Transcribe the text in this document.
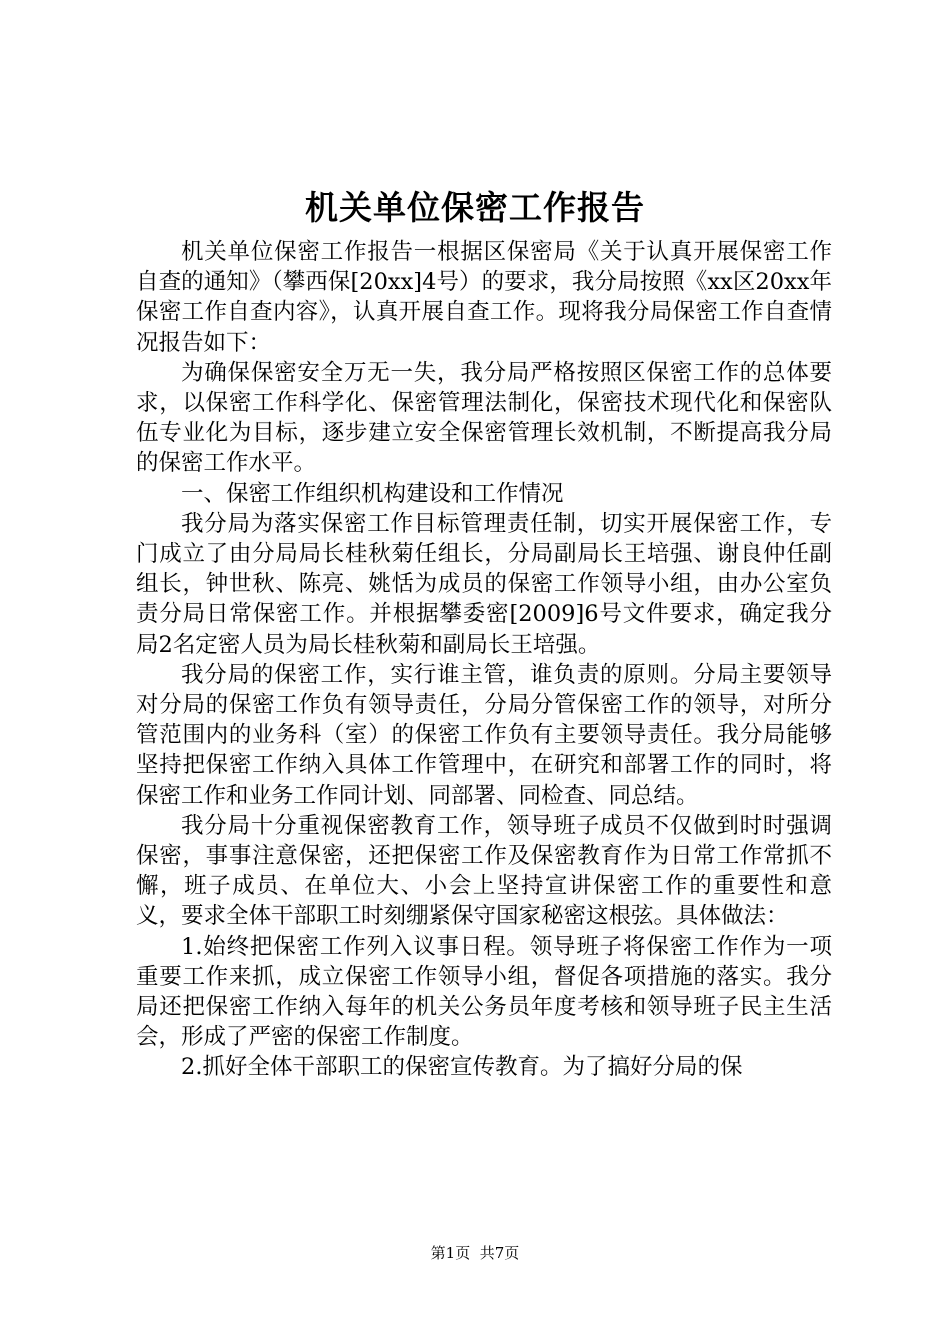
机关单位保密工作报告

机关单位保密工作报告一根据区保密局《关于认真开展保密工作自查的通知》（攀西保[20xx]4号）的要求，我分局按照《xx区20xx年保密工作自查内容》，认真开展自查工作。现将我分局保密工作自查情况报告如下：

为确保保密安全万无一失，我分局严格按照区保密工作的总体要求，以保密工作科学化、保密管理法制化，保密技术现代化和保密队伍专业化为目标，逐步建立安全保密管理长效机制，不断提高我分局的保密工作水平。

一、保密工作组织机构建设和工作情况

我分局为落实保密工作目标管理责任制，切实开展保密工作，专门成立了由分局局长桂秋菊任组长，分局副局长王培强、谢良仲任副组长，钟世秋、陈亮、姚恬为成员的保密工作领导小组，由办公室负责分局日常保密工作。并根据攀委密[2009]6号文件要求，确定我分局2名定密人员为局长桂秋菊和副局长王培强。

我分局的保密工作，实行谁主管，谁负责的原则。分局主要领导对分局的保密工作负有领导责任，分局分管保密工作的领导，对所分管范围内的业务科（室）的保密工作负有主要领导责任。我分局能够坚持把保密工作纳入具体工作管理中，在研究和部署工作的同时，将保密工作和业务工作同计划、同部署、同检查、同总结。

我分局十分重视保密教育工作，领导班子成员不仅做到时时强调保密，事事注意保密，还把保密工作及保密教育作为日常工作常抓不懈，班子成员、在单位大、小会上坚持宣讲保密工作的重要性和意义，要求全体干部职工时刻绷紧保守国家秘密这根弦。具体做法：

1.始终把保密工作列入议事日程。领导班子将保密工作作为一项重要工作来抓，成立保密工作领导小组，督促各项措施的落实。我分局还把保密工作纳入每年的机关公务员年度考核和领导班子民主生活会，形成了严密的保密工作制度。

2.抓好全体干部职工的保密宣传教育。为了搞好分局的保

第1页 共7页
